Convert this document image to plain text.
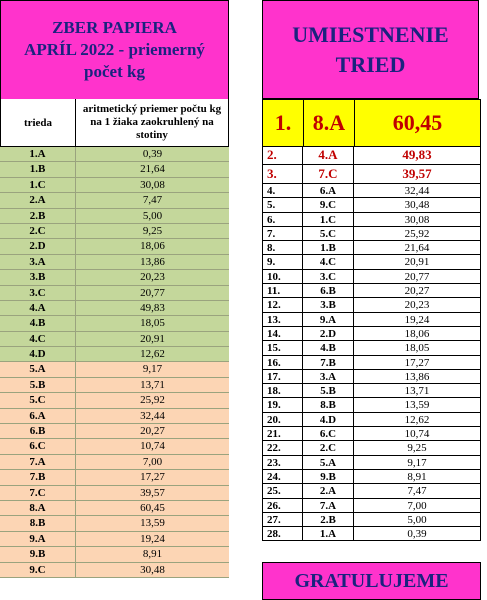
ZBER PAPIERA
APRÍL 2022 - priemerný
počet kg
trieda
aritmetický priemer počtu kg na 1 žiaka zaokruhlený na stotiny
1.A	0,39
1.B	21,64
1.C	30,08
2.A	7,47
2.B	5,00
2.C	9,25
2.D	18,06
3.A	13,86
3.B	20,23
3.C	20,77
4.A	49,83
4.B	18,05
4.C	20,91
4.D	12,62
5.A	9,17
5.B	13,71
5.C	25,92
6.A	32,44
6.B	20,27
6.C	10,74
7.A	7,00
7.B	17,27
7.C	39,57
8.A	60,45
8.B	13,59
9.A	19,24
9.B	8,91
9.C	30,48
UMIESTNENIE
TRIED
1. 8.A	60,45
2.	4.A	49,83
3.	7.C	39,57
4.	6.A	32,44
5.	9.C	30,48
6.	1.C	30,08
7.	5.C	25,92
8.	1.B	21,64
9.	4.C	20,91
10.	3.C	20,77
11.	6.B	20,27
12.	3.B	20,23
13.	9.A	19,24
14.	2.D	18,06
15.	4.B	18,05
16.	7.B	17,27
17.	3.A	13,86
18.	5.B	13,71
19.	8.B	13,59
20.	4.D	12,62
21.	6.C	10,74
22.	2.C	9,25
23.	5.A	9,17
24.	9.B	8,91
25.	2.A	7,47
26.	7.A	7,00
27.	2.B	5,00
28.	1.A	0,39
GRATULUJEME
